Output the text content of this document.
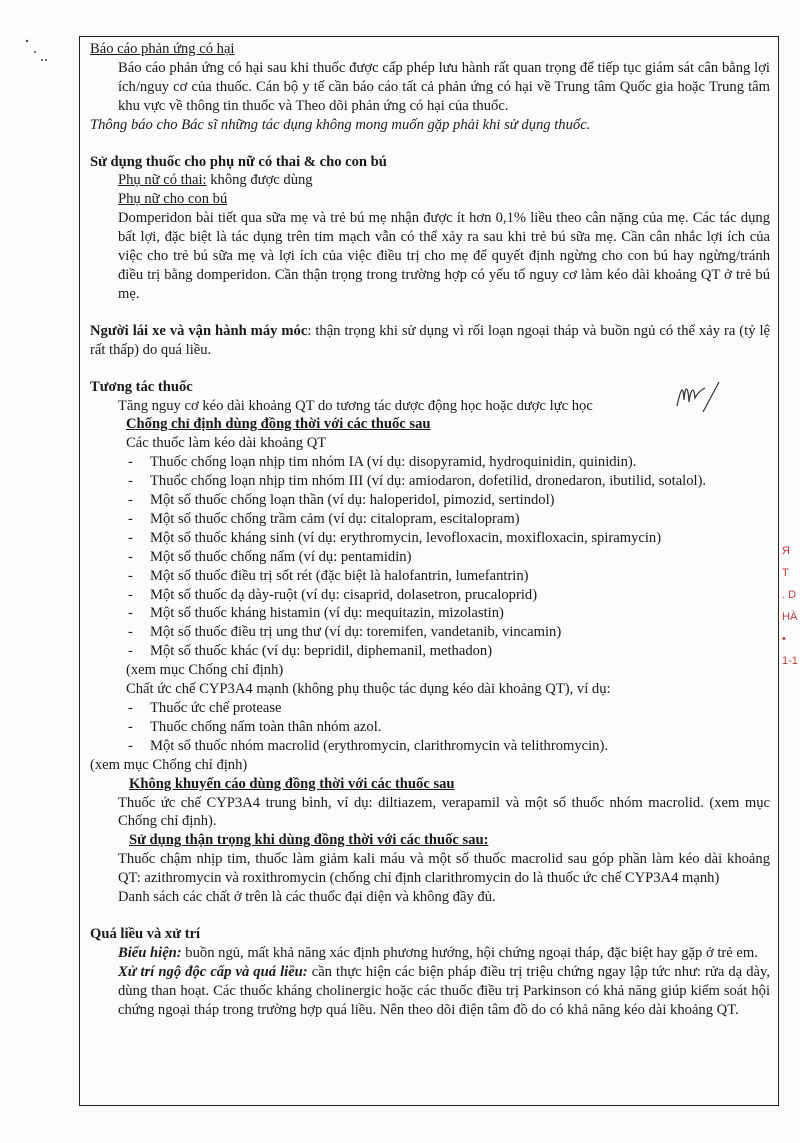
Báo cáo phản ứng có hại

Báo cáo phản ứng có hại sau khi thuốc được cấp phép lưu hành rất quan trọng để tiếp tục giám sát cân bằng lợi ích/nguy cơ của thuốc. Cán bộ y tế cần báo cáo tất cả phản ứng có hại về Trung tâm Quốc gia hoặc Trung tâm khu vực về thông tin thuốc và Theo dõi phản ứng có hại của thuốc.

Thông báo cho Bác sĩ những tác dụng không mong muốn gặp phải khi sử dụng thuốc.

Sử dụng thuốc cho phụ nữ có thai & cho con bú

Phụ nữ có thai: không được dùng

Phụ nữ cho con bú

Domperidon bài tiết qua sữa mẹ và trẻ bú mẹ nhận được ít hơn 0,1% liều theo cân nặng của mẹ. Các tác dụng bất lợi, đặc biệt là tác dụng trên tim mạch vẫn có thể xảy ra sau khi trẻ bú sữa mẹ. Cần cân nhắc lợi ích của việc cho trẻ bú sữa mẹ và lợi ích của việc điều trị cho mẹ để quyết định ngừng cho con bú hay ngừng/tránh điều trị bằng domperidon. Cần thận trọng trong trường hợp có yếu tố nguy cơ làm kéo dài khoảng QT ở trẻ bú mẹ.

Người lái xe và vận hành máy móc: thận trọng khi sử dụng vì rối loạn ngoại tháp và buồn ngủ có thể xảy ra (tỷ lệ rất thấp) do quá liều.

Tương tác thuốc

Tăng nguy cơ kéo dài khoảng QT do tương tác dược động học hoặc dược lực học

Chống chỉ định dùng đồng thời với các thuốc sau

Các thuốc làm kéo dài khoảng QT

- Thuốc chống loạn nhịp tim nhóm IA (ví dụ: disopyramid, hydroquinidin, quinidin).
- Thuốc chống loạn nhịp tim nhóm III (ví dụ: amiodaron, dofetilid, dronedaron, ibutilid, sotalol).
- Một số thuốc chống loạn thần (ví dụ: haloperidol, pimozid, sertindol)
- Một số thuốc chống trầm cảm (ví dụ: citalopram, escitalopram)
- Một số thuốc kháng sinh (ví dụ: erythromycin, levofloxacin, moxifloxacin, spiramycin)
- Một số thuốc chống nấm (ví dụ: pentamidin)
- Một số thuốc điều trị sốt rét (đặc biệt là halofantrin, lumefantrin)
- Một số thuốc dạ dày-ruột (ví dụ: cisaprid, dolasetron, prucaloprid)
- Một số thuốc kháng histamin (ví dụ: mequitazin, mizolastin)
- Một số thuốc điều trị ung thư (ví dụ: toremifen, vandetanib, vincamin)
- Một số thuốc khác (ví dụ: bepridil, diphemanil, methadon)

(xem mục Chống chỉ định)

Chất ức chế CYP3A4 mạnh (không phụ thuộc tác dụng kéo dài khoảng QT), ví dụ:

- Thuốc ức chế protease
- Thuốc chống nấm toàn thân nhóm azol.
- Một số thuốc nhóm macrolid (erythromycin, clarithromycin và telithromycin).

(xem mục Chống chỉ định)

Không khuyến cáo dùng đồng thời với các thuốc sau

Thuốc ức chế CYP3A4 trung bình, ví dụ: diltiazem, verapamil và một số thuốc nhóm macrolid. (xem mục Chống chỉ định).

Sử dụng thận trọng khi dùng đồng thời với các thuốc sau:

Thuốc chậm nhịp tim, thuốc làm giảm kali máu và một số thuốc macrolid sau góp phần làm kéo dài khoảng QT: azithromycin và roxithromycin (chống chỉ định clarithromycin do là thuốc ức chế CYP3A4 mạnh)

Danh sách các chất ở trên là các thuốc đại diện và không đầy đủ.

Quá liều và xử trí

Biểu hiện: buồn ngủ, mất khả năng xác định phương hướng, hội chứng ngoại tháp, đặc biệt hay gặp ở trẻ em.

Xử trí ngộ độc cấp và quá liều: cần thực hiện các biện pháp điều trị triệu chứng ngay lập tức như: rửa dạ dày, dùng than hoạt. Các thuốc kháng cholinergic hoặc các thuốc điều trị Parkinson có khả năng giúp kiểm soát hội chứng ngoại tháp trong trường hợp quá liều. Nên theo dõi điện tâm đồ do có khả năng kéo dài khoảng QT.

Я
T
. D
HÀ
•
1-1
